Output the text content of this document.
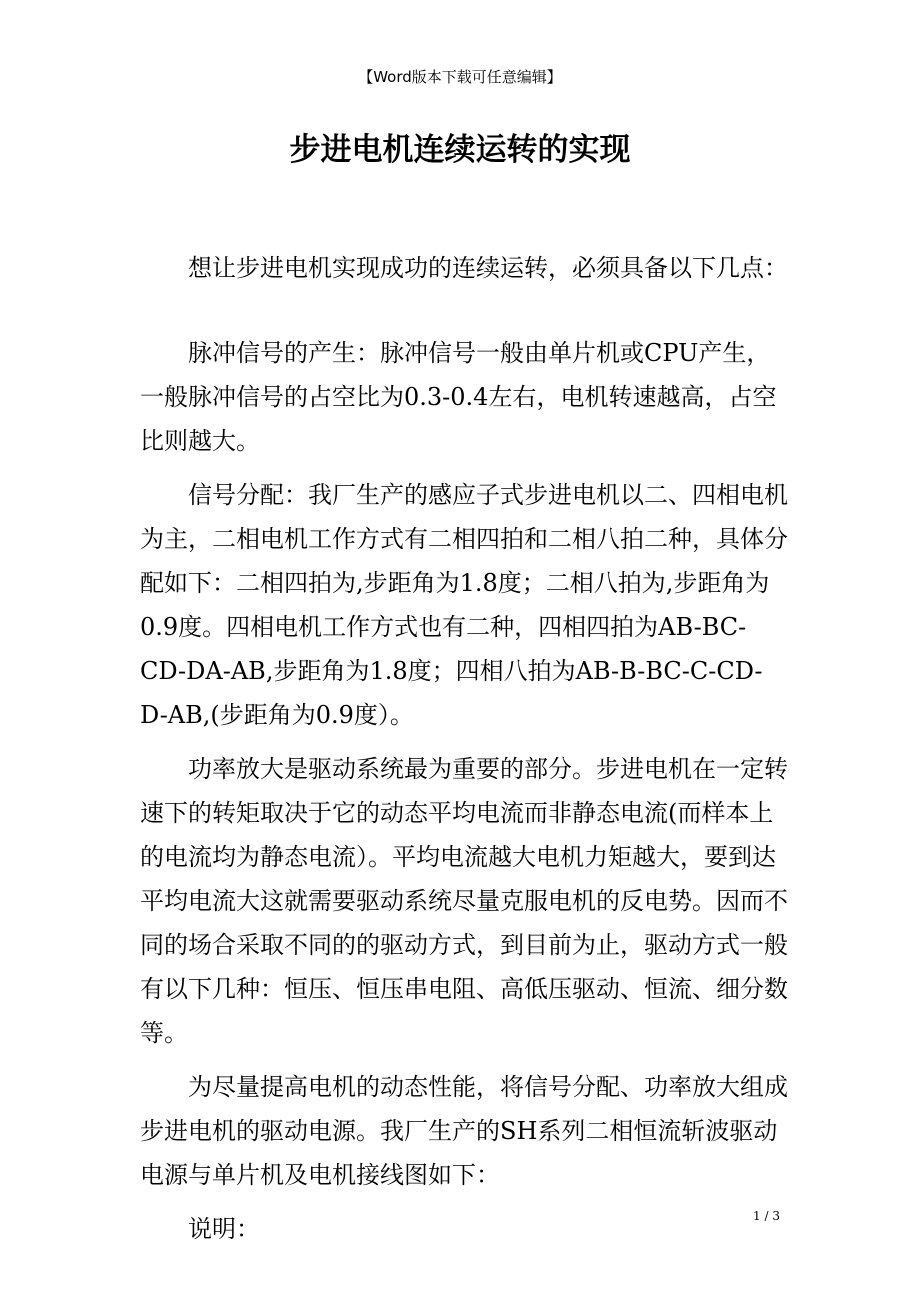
【Word版本下载可任意编辑】
步进电机连续运转的实现

想让步进电机实现成功的连续运转，必须具备以下几点：

脉冲信号的产生：脉冲信号一般由单片机或CPU产生，一般脉冲信号的占空比为0.3-0.4左右，电机转速越高，占空比则越大。

信号分配：我厂生产的感应子式步进电机以二、四相电机为主，二相电机工作方式有二相四拍和二相八拍二种，具体分配如下：二相四拍为,步距角为1.8度；二相八拍为,步距角为0.9度。四相电机工作方式也有二种，四相四拍为AB-BC-CD-DA-AB,步距角为1.8度；四相八拍为AB-B-BC-C-CD-D-AB,(步距角为0.9度）。

功率放大是驱动系统最为重要的部分。步进电机在一定转速下的转矩取决于它的动态平均电流而非静态电流(而样本上的电流均为静态电流）。平均电流越大电机力矩越大，要到达平均电流大这就需要驱动系统尽量克服电机的反电势。因而不同的场合采取不同的的驱动方式，到目前为止，驱动方式一般有以下几种：恒压、恒压串电阻、高低压驱动、恒流、细分数等。

为尽量提高电机的动态性能，将信号分配、功率放大组成步进电机的驱动电源。我厂生产的SH系列二相恒流斩波驱动电源与单片机及电机接线图如下：

说明：	1 / 3
